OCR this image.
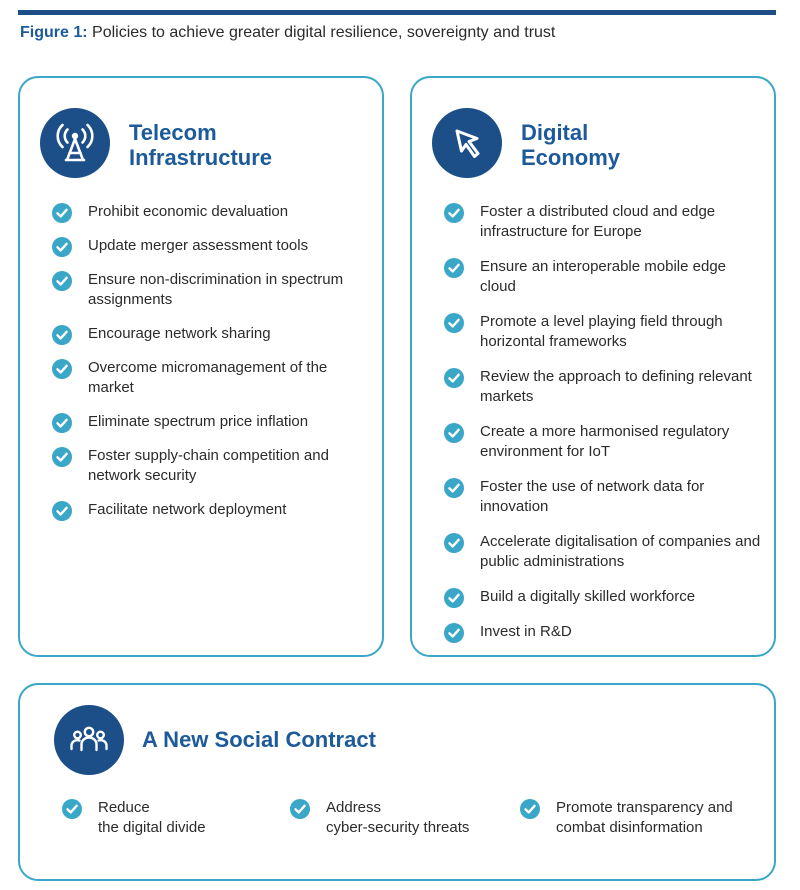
Figure 1: Policies to achieve greater digital resilience, sovereignty and trust
Telecom
Infrastructure
Prohibit economic devaluation
Update merger assessment tools
Ensure non-discrimination in spectrum assignments
Encourage network sharing
Overcome micromanagement of the market
Eliminate spectrum price inflation
Foster supply-chain competition and network security
Facilitate network deployment
Digital
Economy
Foster a distributed cloud and edge infrastructure for Europe
Ensure an interoperable mobile edge cloud
Promote a level playing field through horizontal frameworks
Review the approach to defining relevant markets
Create a more harmonised regulatory environment for IoT
Foster the use of network data for innovation
Accelerate digitalisation of companies and public administrations
Build a digitally skilled workforce
Invest in R&D
A New Social Contract
Reduce
the digital divide
Address
cyber-security threats
Promote transparency and
combat disinformation
